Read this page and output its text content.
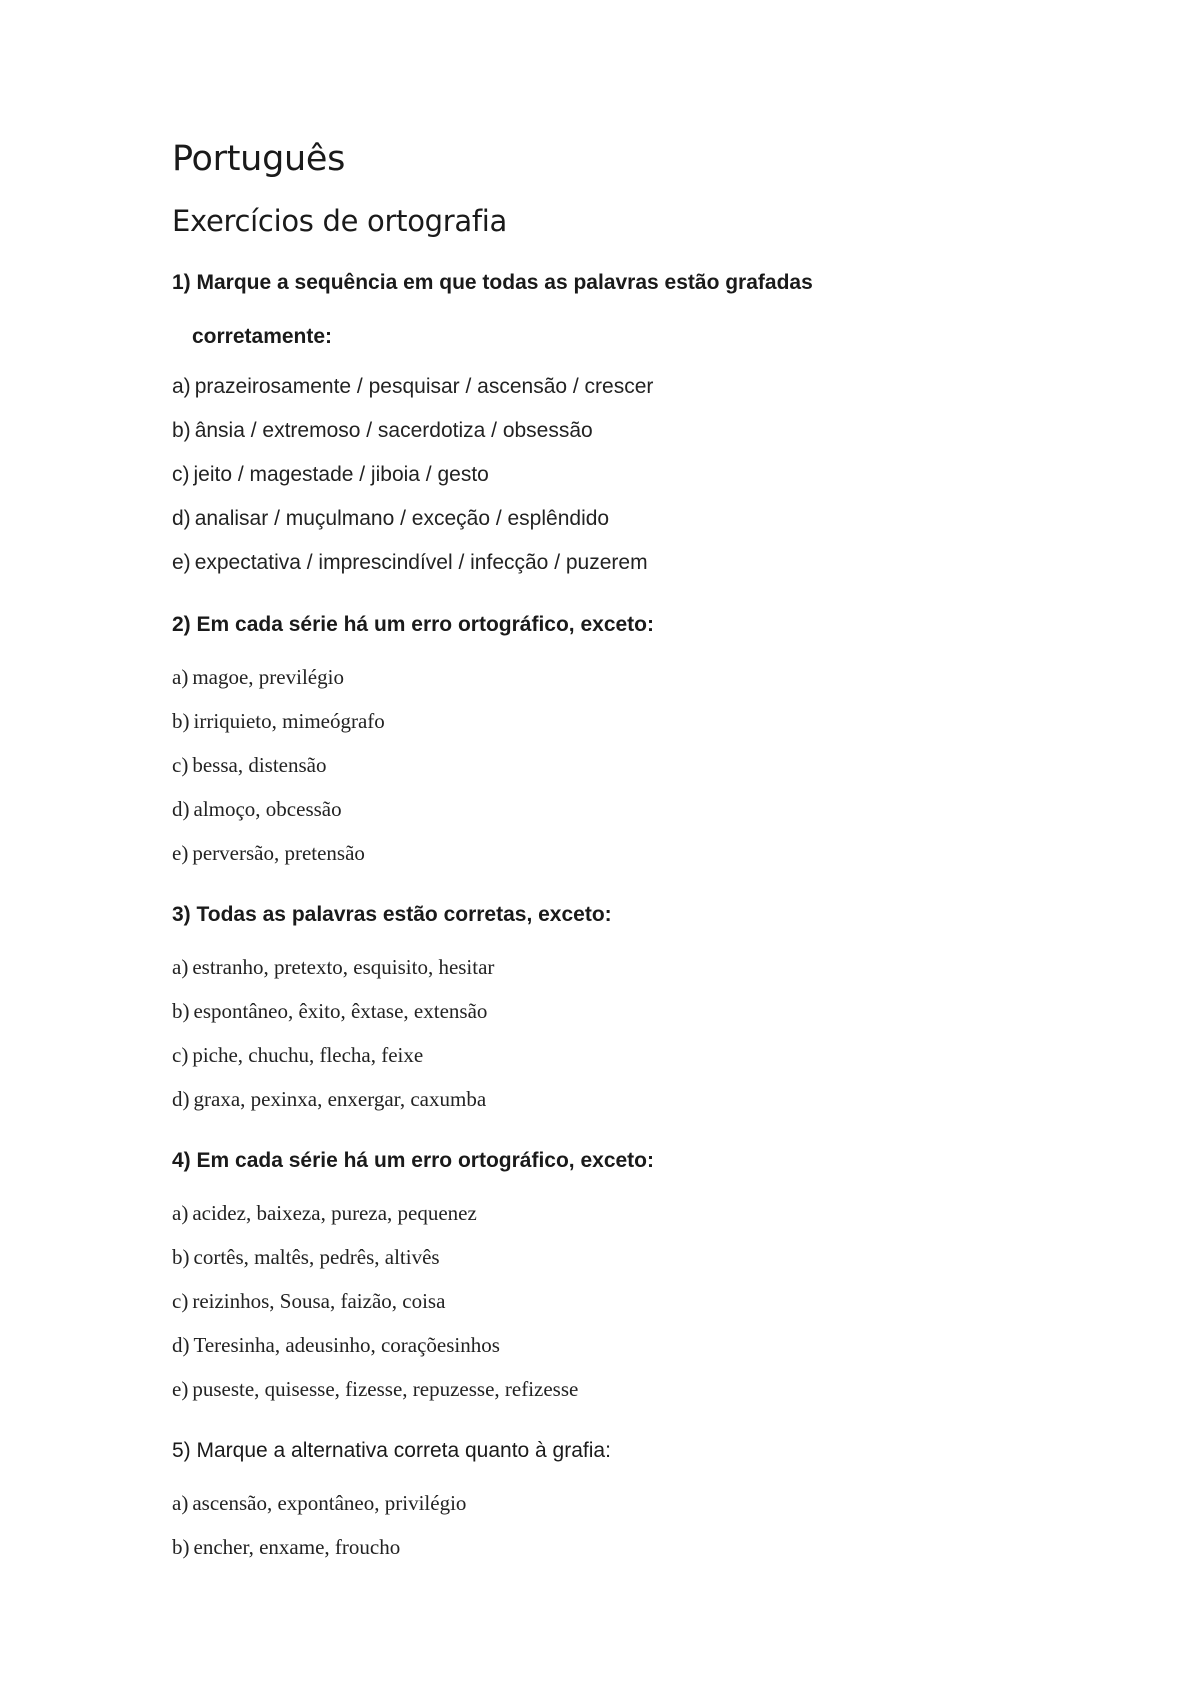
Português
Exercícios de ortografia

1) Marque a sequência em que todas as palavras estão grafadas

corretamente:

a) prazeirosamente / pesquisar / ascensão / crescer
b) ânsia / extremoso / sacerdotiza / obsessão
c) jeito / magestade / jiboia / gesto
d) analisar / muçulmano / exceção / esplêndido
e) expectativa / imprescindível / infecção / puzerem

2) Em cada série há um erro ortográfico, exceto:

a) magoe, previlégio
b) irriquieto, mimeógrafo
c) bessa, distensão
d) almoço, obcessão
e) perversão, pretensão

3) Todas as palavras estão corretas, exceto:

a) estranho, pretexto, esquisito, hesitar
b) espontâneo, êxito, êxtase, extensão
c) piche, chuchu, flecha, feixe
d) graxa, pexinxa, enxergar, caxumba

4) Em cada série há um erro ortográfico, exceto:

a) acidez, baixeza, pureza, pequenez
b) cortês, maltês, pedrês, altivês
c) reizinhos, Sousa, faizão, coisa
d) Teresinha, adeusinho, coraçõesinhos
e) puseste, quisesse, fizesse, repuzesse, refizesse

5) Marque a alternativa correta quanto à grafia:

a) ascensão, expontâneo, privilégio
b) encher, enxame, froucho
